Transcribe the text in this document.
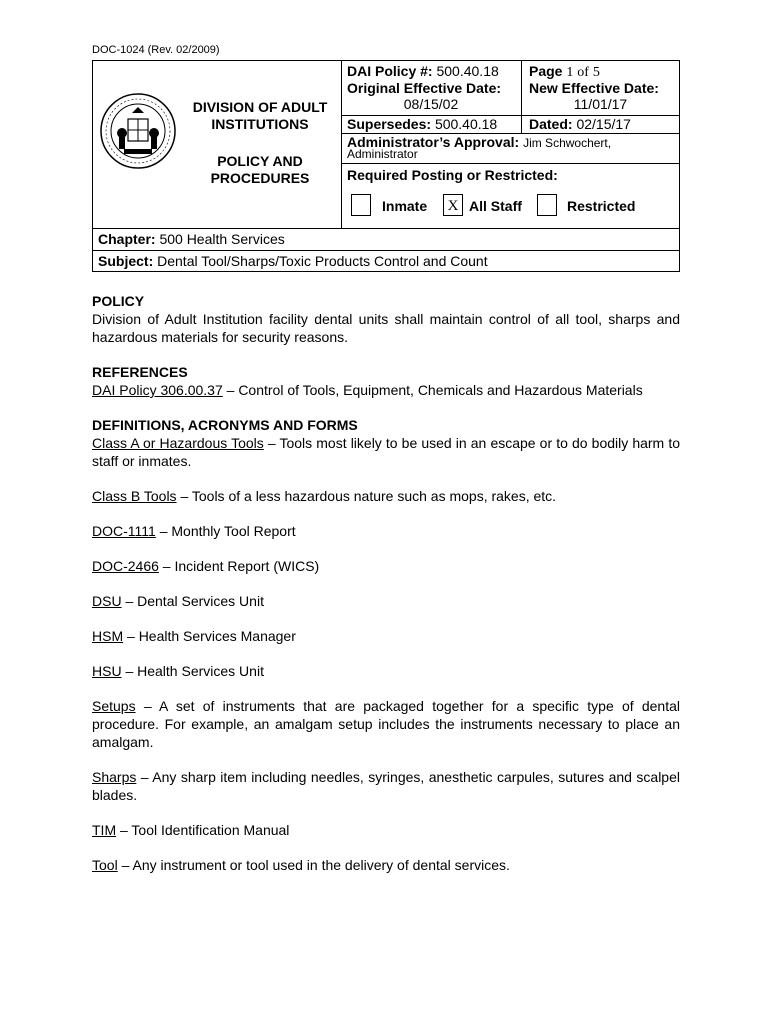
DOC-1024 (Rev. 02/2009)
DIVISION OF ADULT INSTITUTIONS
POLICY AND PROCEDURES
DAI Policy #: 500.40.18 Page 1 of 5
Original Effective Date:
08/15/02
New Effective Date:
11/01/17
Supersedes: 500.40.18 Dated: 02/15/17
Administrator’s Approval: Jim Schwochert,
Administrator
Required Posting or Restricted:
Inmate	X All Staff	Restricted
Chapter: 500 Health Services
Subject: Dental Tool/Sharps/Toxic Products Control and Count
POLICY

Division of Adult Institution facility dental units shall maintain control of all tool, sharps and hazardous materials for security reasons.

REFERENCES

DAI Policy 306.00.37 – Control of Tools, Equipment, Chemicals and Hazardous Materials

DEFINITIONS, ACRONYMS AND FORMS

Class A or Hazardous Tools – Tools most likely to be used in an escape or to do bodily harm to staff or inmates.

Class B Tools – Tools of a less hazardous nature such as mops, rakes, etc.

DOC-1111 – Monthly Tool Report

DOC-2466 – Incident Report (WICS)

DSU – Dental Services Unit

HSM – Health Services Manager

HSU – Health Services Unit

Setups – A set of instruments that are packaged together for a specific type of dental procedure. For example, an amalgam setup includes the instruments necessary to place an amalgam.

Sharps – Any sharp item including needles, syringes, anesthetic carpules, sutures and scalpel blades.

TIM – Tool Identification Manual

Tool – Any instrument or tool used in the delivery of dental services.
